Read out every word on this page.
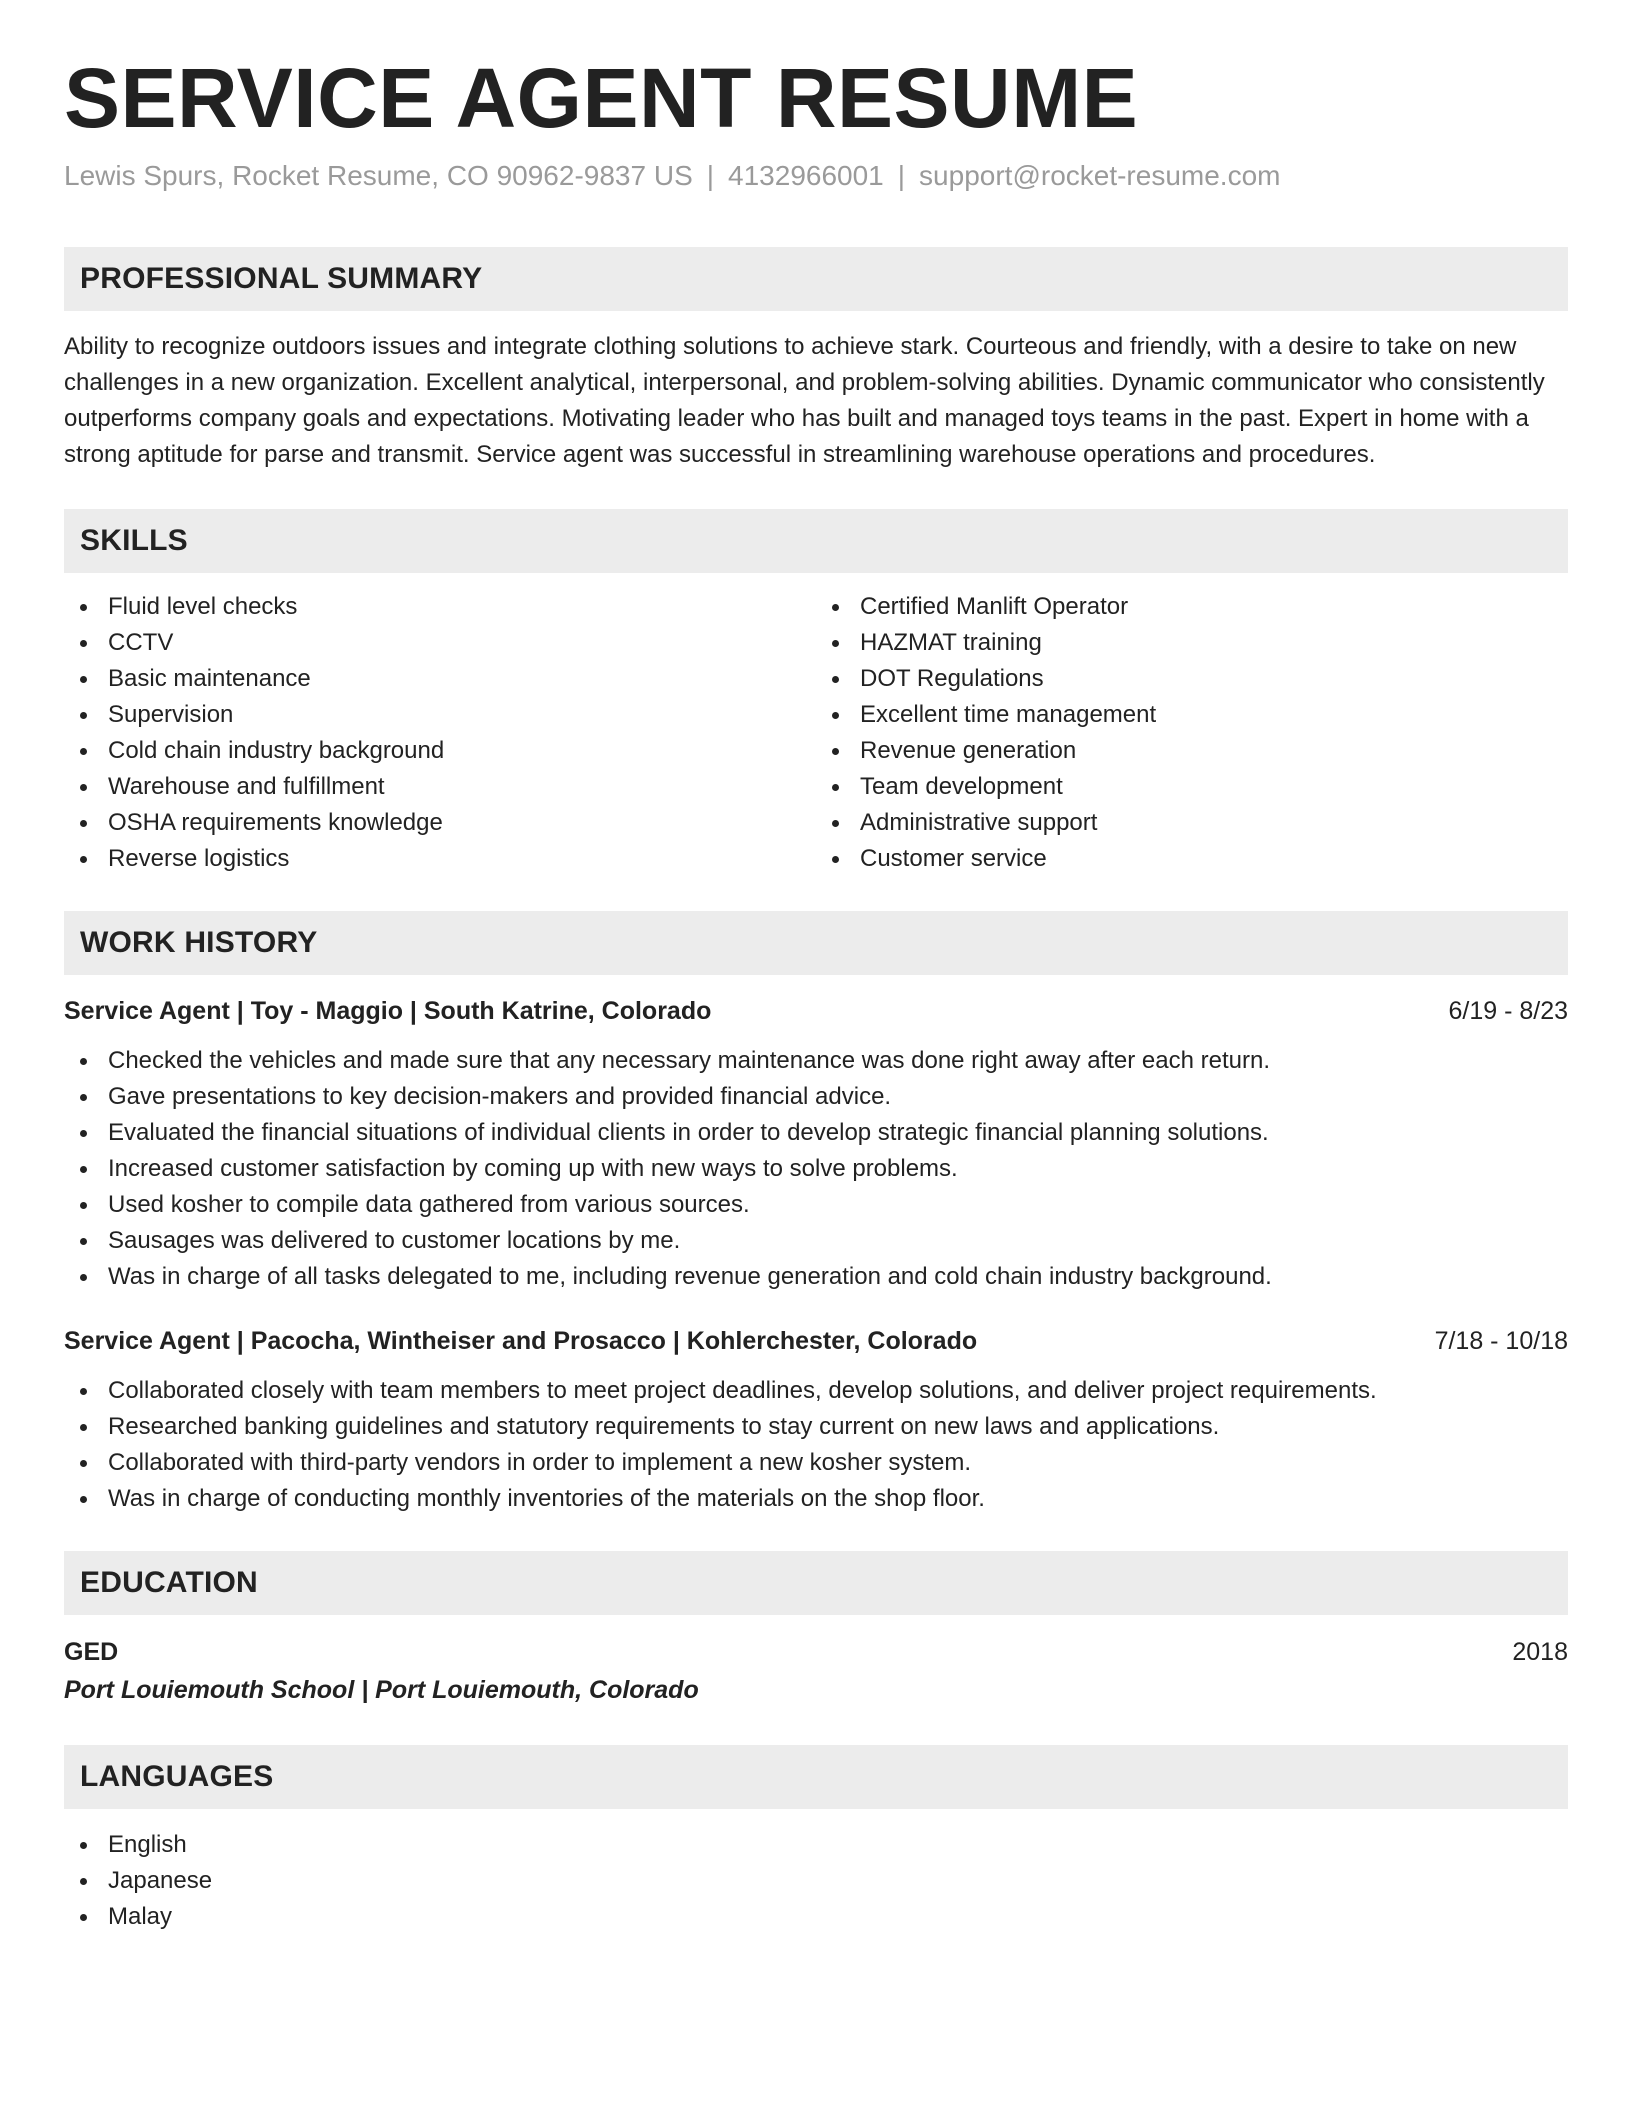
SERVICE AGENT RESUME
Lewis Spurs, Rocket Resume, CO 90962-9837 US | 4132966001 | support@rocket-resume.com
PROFESSIONAL SUMMARY
Ability to recognize outdoors issues and integrate clothing solutions to achieve stark. Courteous and friendly, with a desire to take on new challenges in a new organization. Excellent analytical, interpersonal, and problem-solving abilities. Dynamic communicator who consistently outperforms company goals and expectations. Motivating leader who has built and managed toys teams in the past. Expert in home with a strong aptitude for parse and transmit. Service agent was successful in streamlining warehouse operations and procedures.
SKILLS
Fluid level checks
CCTV
Basic maintenance
Supervision
Cold chain industry background
Warehouse and fulfillment
OSHA requirements knowledge
Reverse logistics
Certified Manlift Operator
HAZMAT training
DOT Regulations
Excellent time management
Revenue generation
Team development
Administrative support
Customer service
WORK HISTORY
Service Agent | Toy - Maggio | South Katrine, Colorado	6/19 - 8/23
Checked the vehicles and made sure that any necessary maintenance was done right away after each return.
Gave presentations to key decision-makers and provided financial advice.
Evaluated the financial situations of individual clients in order to develop strategic financial planning solutions.
Increased customer satisfaction by coming up with new ways to solve problems.
Used kosher to compile data gathered from various sources.
Sausages was delivered to customer locations by me.
Was in charge of all tasks delegated to me, including revenue generation and cold chain industry background.
Service Agent | Pacocha, Wintheiser and Prosacco | Kohlerchester, Colorado	7/18 - 10/18
Collaborated closely with team members to meet project deadlines, develop solutions, and deliver project requirements.
Researched banking guidelines and statutory requirements to stay current on new laws and applications.
Collaborated with third-party vendors in order to implement a new kosher system.
Was in charge of conducting monthly inventories of the materials on the shop floor.
EDUCATION
GED	2018
Port Louiemouth School | Port Louiemouth, Colorado
LANGUAGES
English
Japanese
Malay
